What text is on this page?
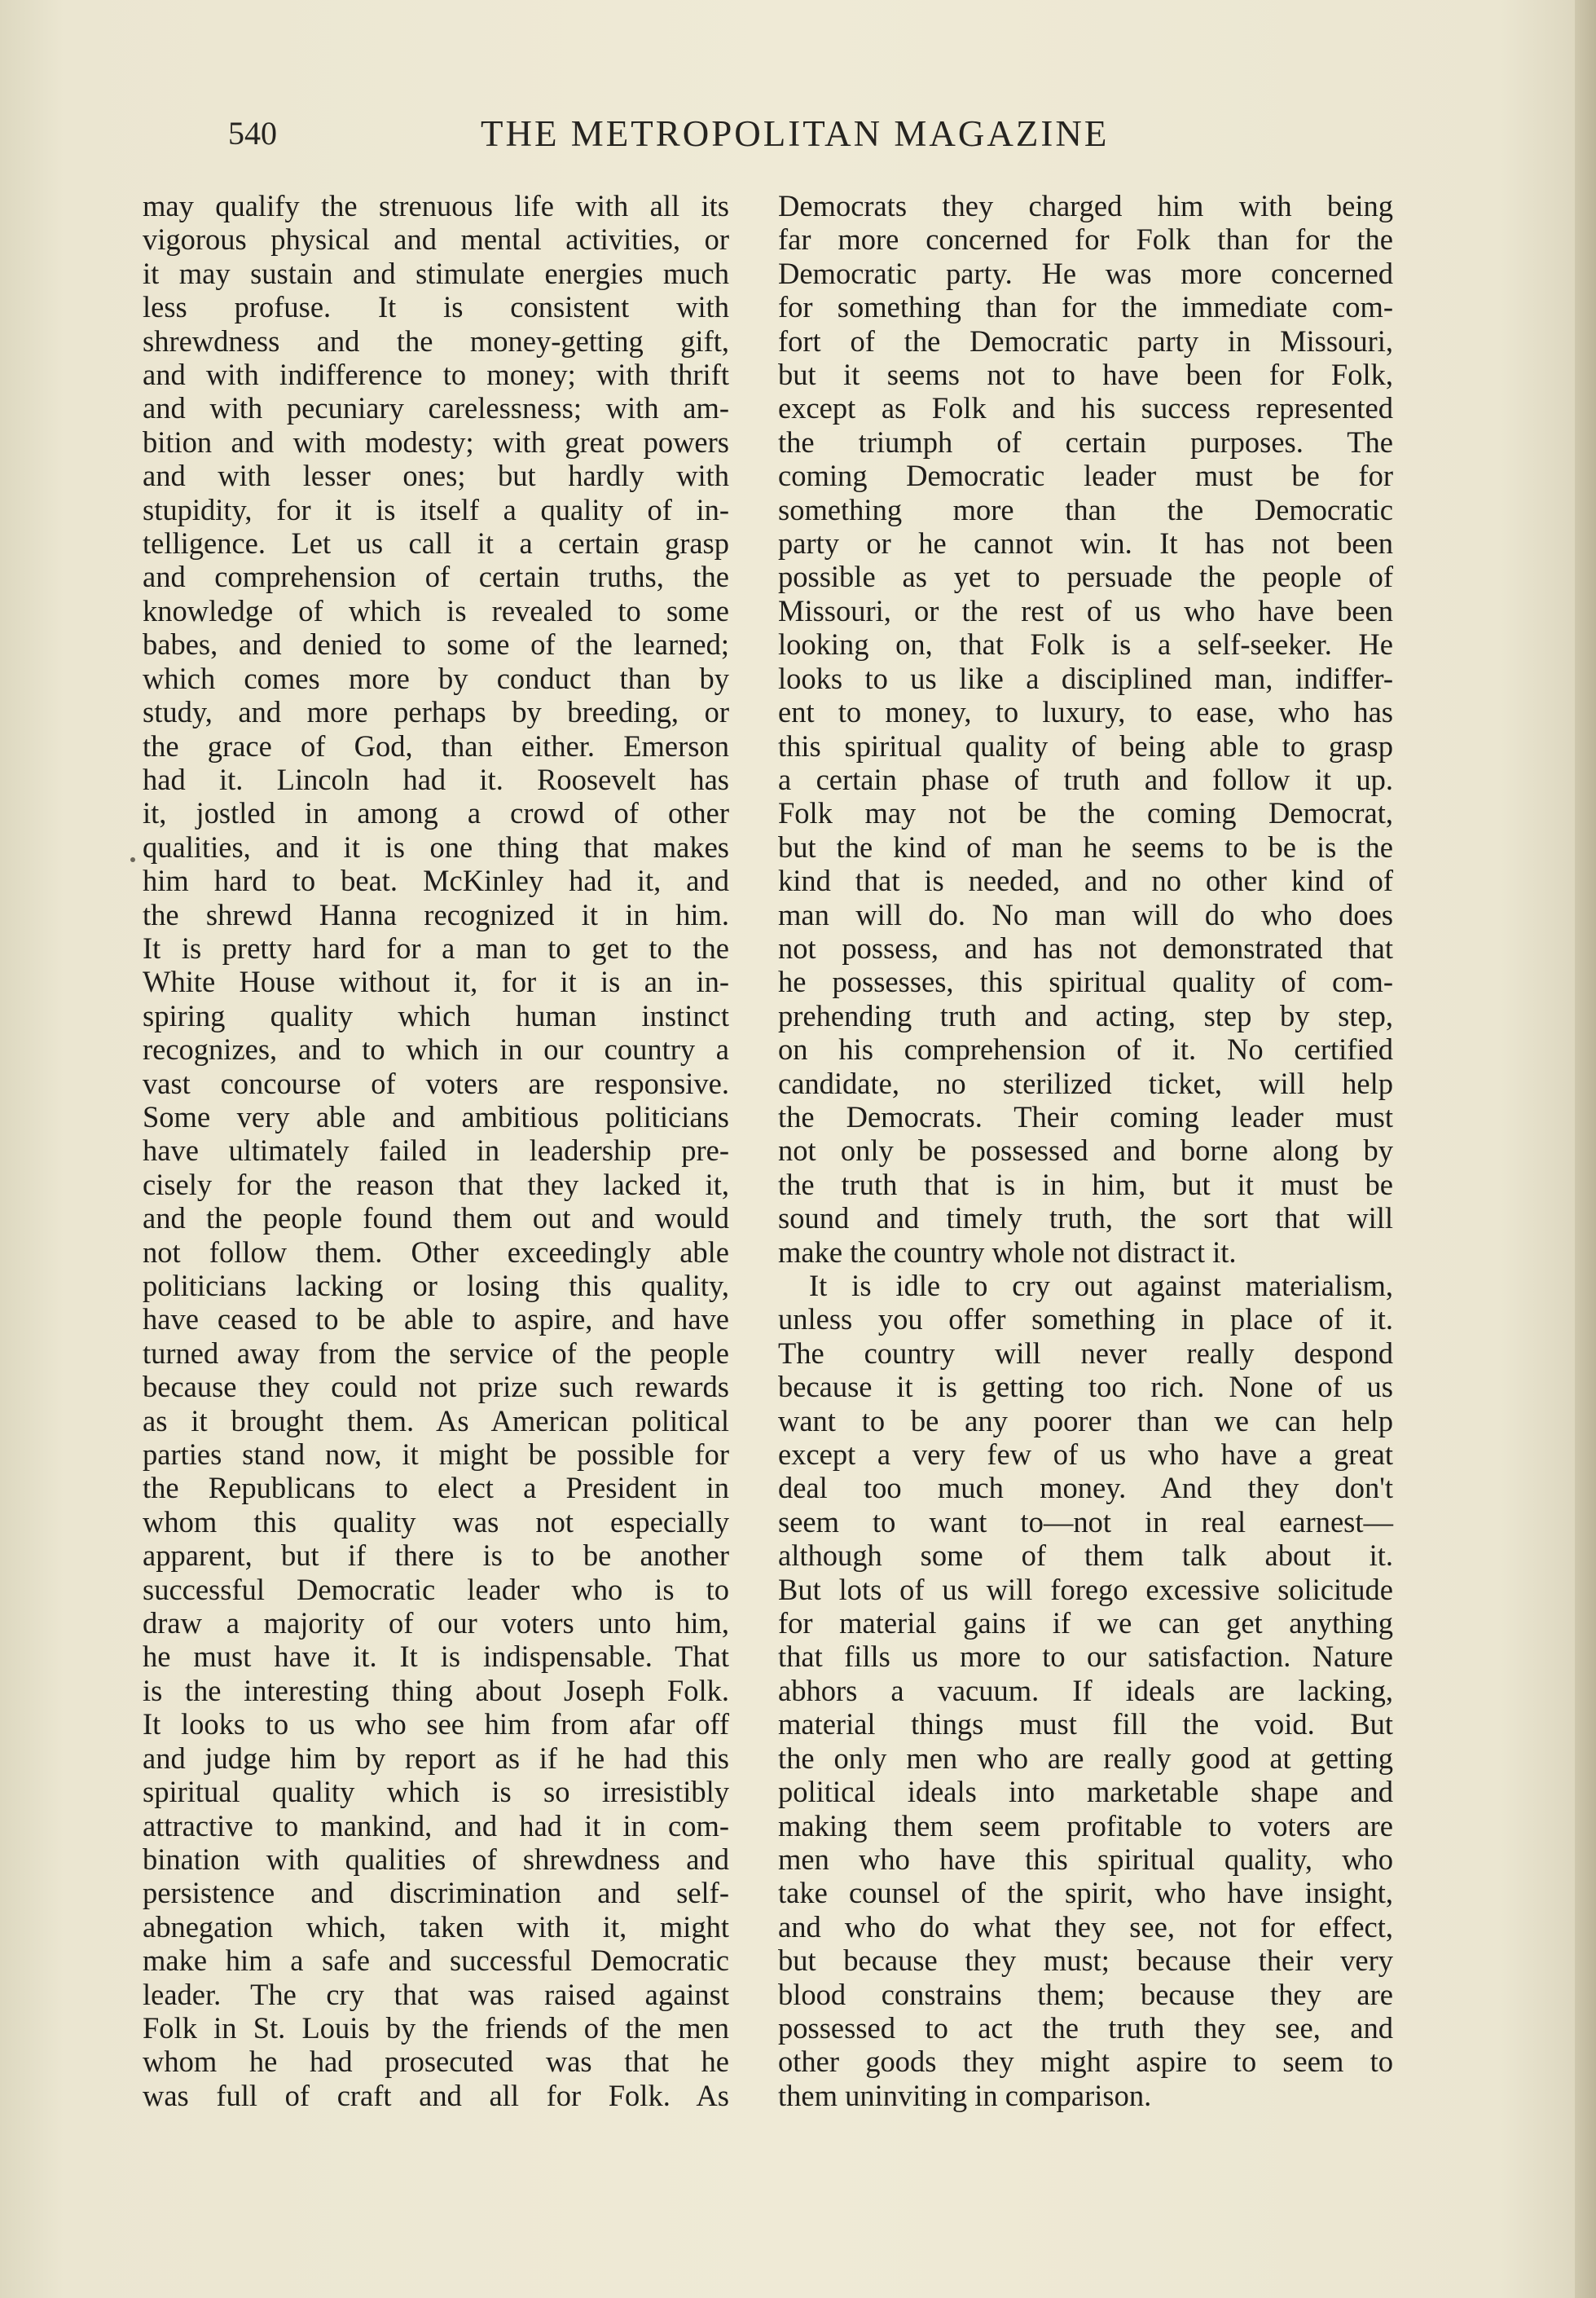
540	THE METROPOLITAN MAGAZINE
may qualify the strenuous life with all its
vigorous physical and mental activities, or
it may sustain and stimulate energies much
less profuse. It is consistent with
shrewdness and the money-getting gift,
and with indifference to money; with thrift
and with pecuniary carelessness; with am-
bition and with modesty; with great powers
and with lesser ones; but hardly with
stupidity, for it is itself a quality of in-
telligence. Let us call it a certain grasp
and comprehension of certain truths, the
knowledge of which is revealed to some
babes, and denied to some of the learned;
which comes more by conduct than by
study, and more perhaps by breeding, or
the grace of God, than either. Emerson
had it. Lincoln had it. Roosevelt has
it, jostled in among a crowd of other
qualities, and it is one thing that makes
him hard to beat. McKinley had it, and
the shrewd Hanna recognized it in him.
It is pretty hard for a man to get to the
White House without it, for it is an in-
spiring quality which human instinct
recognizes, and to which in our country a
vast concourse of voters are responsive.
Some very able and ambitious politicians
have ultimately failed in leadership pre-
cisely for the reason that they lacked it,
and the people found them out and would
not follow them. Other exceedingly able
politicians lacking or losing this quality,
have ceased to be able to aspire, and have
turned away from the service of the people
because they could not prize such rewards
as it brought them. As American political
parties stand now, it might be possible for
the Republicans to elect a President in
whom this quality was not especially
apparent, but if there is to be another
successful Democratic leader who is to
draw a majority of our voters unto him,
he must have it. It is indispensable. That
is the interesting thing about Joseph Folk.
It looks to us who see him from afar off
and judge him by report as if he had this
spiritual quality which is so irresistibly
attractive to mankind, and had it in com-
bination with qualities of shrewdness and
persistence and discrimination and self-
abnegation which, taken with it, might
make him a safe and successful Democratic
leader. The cry that was raised against
Folk in St. Louis by the friends of the men
whom he had prosecuted was that he
was full of craft and all for Folk. As
Democrats they charged him with being
far more concerned for Folk than for the
Democratic party. He was more concerned
for something than for the immediate com-
fort of the Democratic party in Missouri,
but it seems not to have been for Folk,
except as Folk and his success represented
the triumph of certain purposes. The
coming Democratic leader must be for
something more than the Democratic
party or he cannot win. It has not been
possible as yet to persuade the people of
Missouri, or the rest of us who have been
looking on, that Folk is a self-seeker. He
looks to us like a disciplined man, indiffer-
ent to money, to luxury, to ease, who has
this spiritual quality of being able to grasp
a certain phase of truth and follow it up.
Folk may not be the coming Democrat,
but the kind of man he seems to be is the
kind that is needed, and no other kind of
man will do. No man will do who does
not possess, and has not demonstrated that
he possesses, this spiritual quality of com-
prehending truth and acting, step by step,
on his comprehension of it. No certified
candidate, no sterilized ticket, will help
the Democrats. Their coming leader must
not only be possessed and borne along by
the truth that is in him, but it must be
sound and timely truth, the sort that will
make the country whole not distract it.
It is idle to cry out against materialism,
unless you offer something in place of it.
The country will never really despond
because it is getting too rich. None of us
want to be any poorer than we can help
except a very few of us who have a great
deal too much money. And they don't
seem to want to—not in real earnest—
although some of them talk about it.
But lots of us will forego excessive solicitude
for material gains if we can get anything
that fills us more to our satisfaction. Nature
abhors a vacuum. If ideals are lacking,
material things must fill the void. But
the only men who are really good at getting
political ideals into marketable shape and
making them seem profitable to voters are
men who have this spiritual quality, who
take counsel of the spirit, who have insight,
and who do what they see, not for effect,
but because they must; because their very
blood constrains them; because they are
possessed to act the truth they see, and
other goods they might aspire to seem to
them uninviting in comparison.
